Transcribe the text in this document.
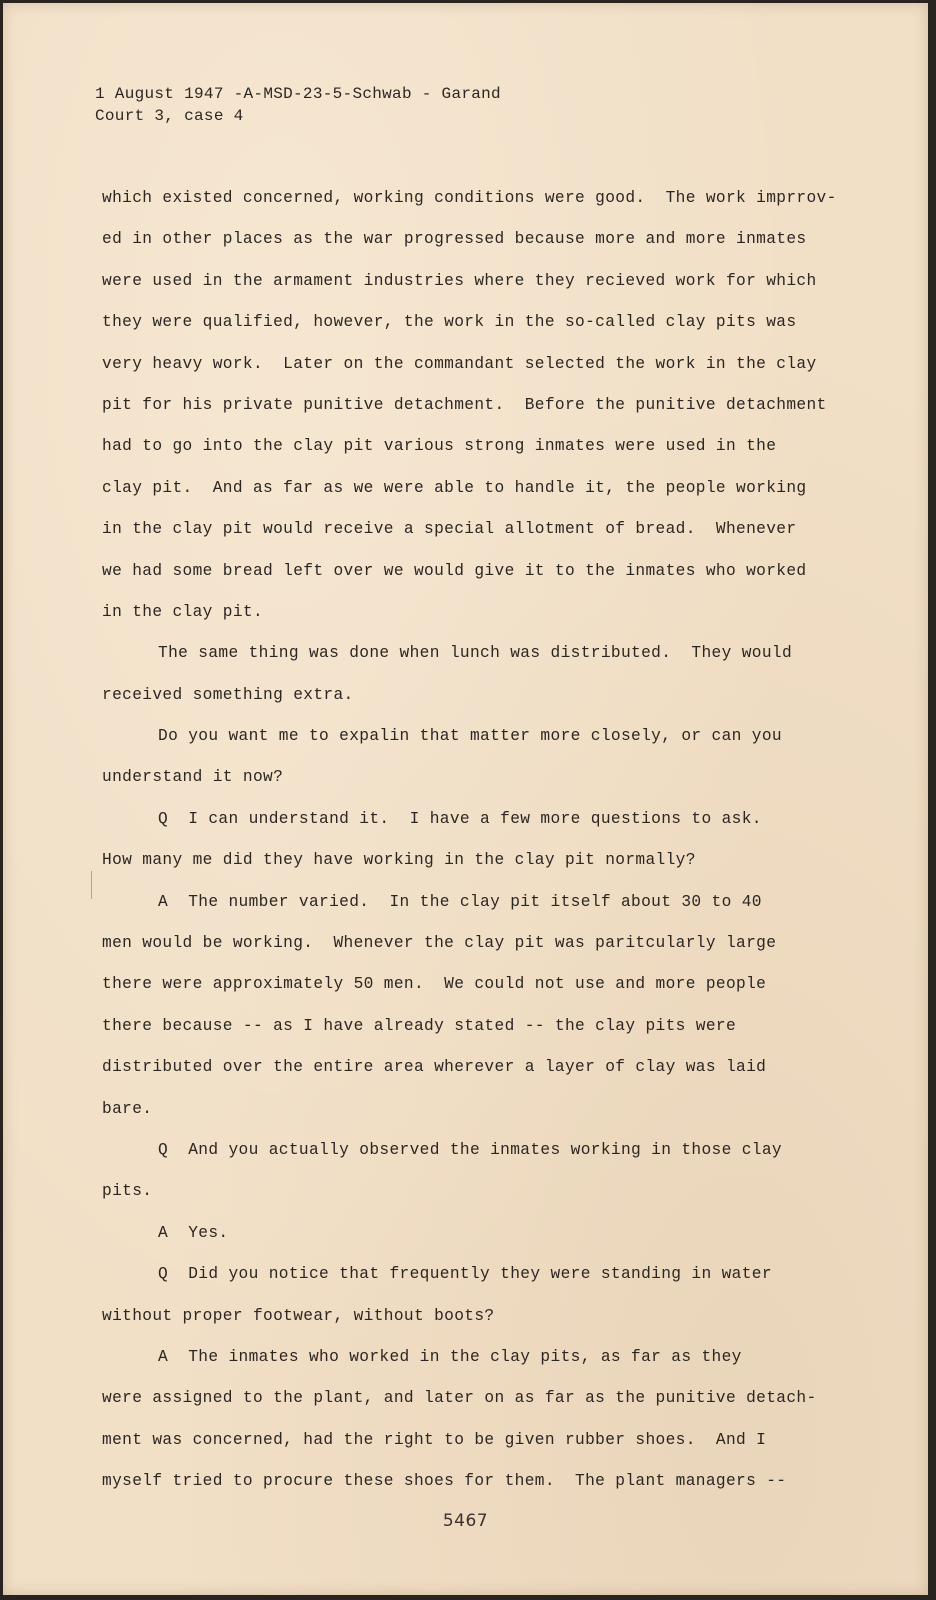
1 August 1947 -A-MSD-23-5-Schwab - Garand
Court 3, case 4
which existed concerned, working conditions were good.  The work imprrov-
ed in other places as the war progressed because more and more inmates
were used in the armament industries where they recieved work for which
they were qualified, however, the work in the so-called clay pits was
very heavy work.  Later on the commandant selected the work in the clay
pit for his private punitive detachment.  Before the punitive detachment
had to go into the clay pit various strong inmates were used in the
clay pit.  And as far as we were able to handle it, the people working
in the clay pit would receive a special allotment of bread.  Whenever
we had some bread left over we would give it to the inmates who worked
in the clay pit.
The same thing was done when lunch was distributed.  They would
received something extra.
Do you want me to expalin that matter more closely, or can you
understand it now?
Q  I can understand it.  I have a few more questions to ask.
How many me did they have working in the clay pit normally?
A  The number varied.  In the clay pit itself about 30 to 40
men would be working.  Whenever the clay pit was paritcularly large
there were approximately 50 men.  We could not use and more people
there because -- as I have already stated -- the clay pits were
distributed over the entire area wherever a layer of clay was laid
bare.
Q  And you actually observed the inmates working in those clay
pits.
A  Yes.
Q  Did you notice that frequently they were standing in water
without proper footwear, without boots?
A  The inmates who worked in the clay pits, as far as they
were assigned to the plant, and later on as far as the punitive detach-
ment was concerned, had the right to be given rubber shoes.  And I
myself tried to procure these shoes for them.  The plant managers --
5467
